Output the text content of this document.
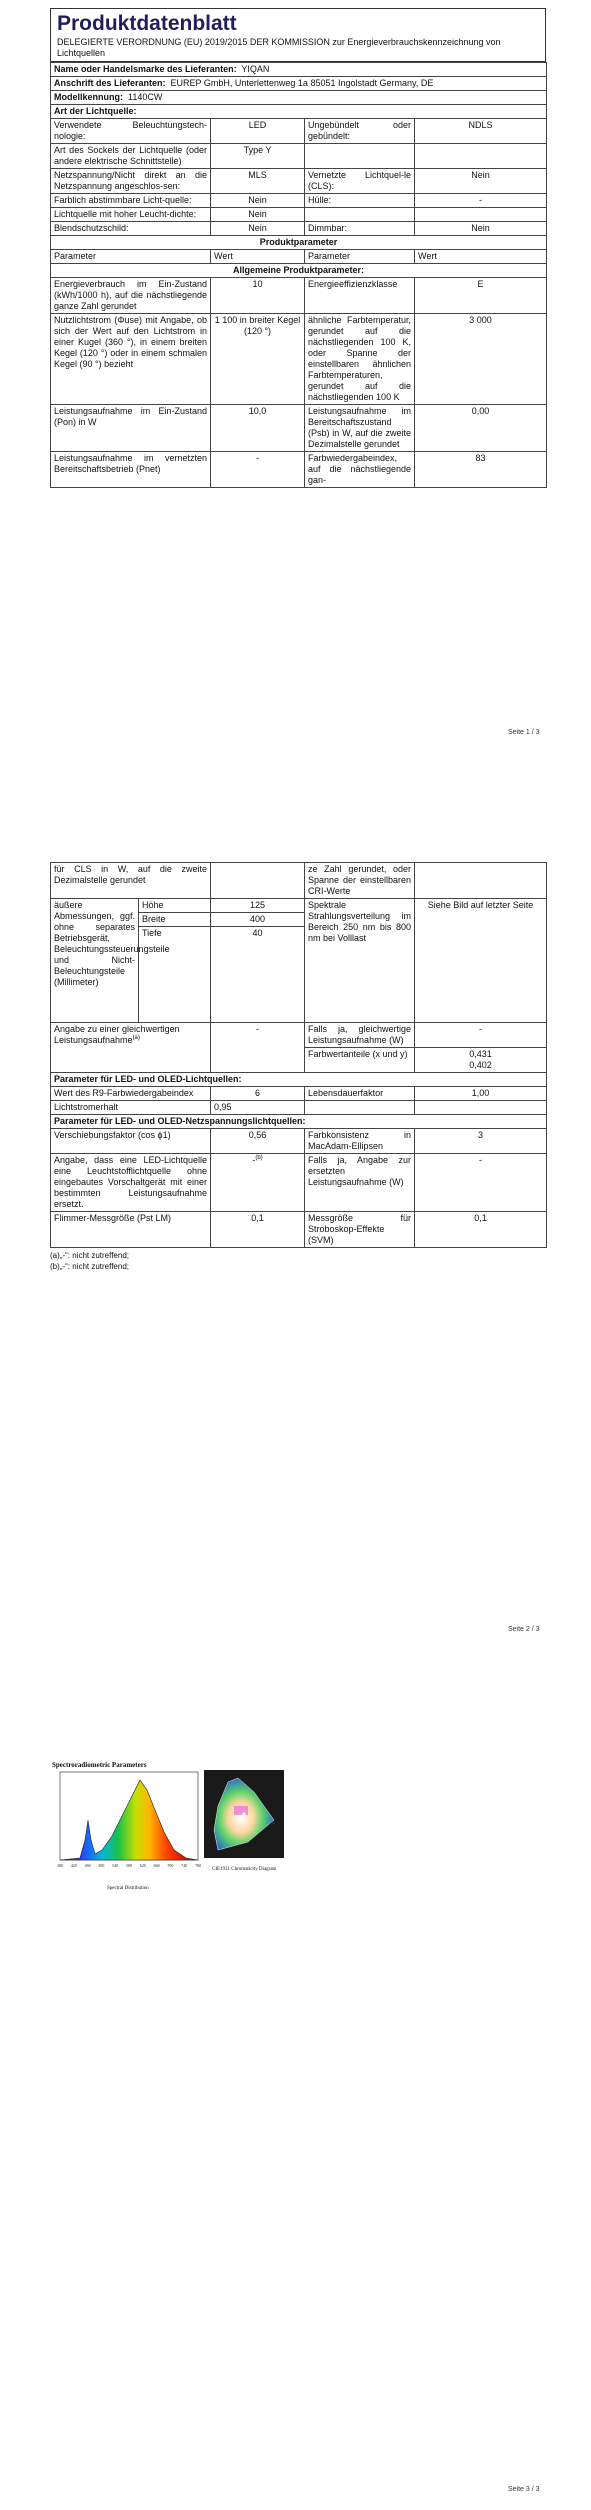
Produktdatenblatt
DELEGIERTE VERORDNUNG (EU) 2019/2015 DER KOMMISSION zur Energieverbrauchskennzeichnung von Lichtquellen
Name oder Handelsmarke des Lieferanten: YIQAN			
Anschrift des Lieferanten: EUREP GmbH, Unterlettenweg 1a 85051 Ingolstadt Germany, DE			
Modellkennung: 1140CW			
Art der Lichtquelle:			
Verwendete Beleuchtungstech-nologie:	LED	Ungebündelt oder gebündelt:	NDLS
Art des Sockels der Lichtquelle (oder andere elektrische Schnittstelle)	Type Y		
Netzspannung/Nicht direkt an die Netzspannung angeschlos-sen:	MLS	Vernetzte Lichtquel-le (CLS):	Nein
Farblich abstimmbare Licht-quelle:	Nein	Hülle:	-
Lichtquelle mit hoher Leucht-dichte:	Nein		
Blendschutzschild:	Nein	Dimmbar:	Nein
Produktparameter			
Parameter	Wert	Parameter	Wert
Allgemeine Produktparameter:			
Energieverbrauch im Ein-Zustand (kWh/1000 h), auf die nächstliegende ganze Zahl gerundet	10	Energieeffizienzklasse	E
Nutzlichtstrom (Φuse) mit Angabe, ob sich der Wert auf den Lichtstrom in einer Kugel (360 °), in einem breiten Kegel (120 °) oder in einem schmalen Kegel (90 °) bezieht	1 100 in breiter Kegel (120 °)	ähnliche Farbtemperatur, gerundet auf die nächstliegenden 100 K, oder Spanne der einstellbaren ähnlichen Farbtemperaturen, gerundet auf die nächstliegenden 100 K	3 000
Leistungsaufnahme im Ein-Zustand (Pon) in W	10,0	Leistungsaufnahme im Bereitschaftszustand (Psb) in W, auf die zweite Dezimalstelle gerundet	0,00
Leistungsaufnahme im vernetzten Bereitschaftsbetrieb (Pnet)	-	Farbwiedergabeindex, auf die nächstliegende gan-	83
Seite 1 / 3
für CLS in W, auf die zweite Dezimalstelle gerundet			ze Zahl gerundet, oder Spanne der einstellbaren CRI-Werte	
äußere Abmessungen, ggf. ohne separates Betriebsgerät, Beleuchtungssteuerungsteile und Nicht-Beleuchtungsteile (Millimeter)	Höhe	125	Spektrale Strahlungsverteilung im Bereich 250 nm bis 800 nm bei Volllast	Siehe Bild auf letzter Seite
	Breite	400		
	Tiefe	40		
Angabe zu einer gleichwertigen Leistungsaufnahme$^{(a)}$		-	Falls ja, gleichwertige Leistungsaufnahme (W)	-
			Farbwertanteile (x und y)	0,431
0,402

Parameter für LED- und OLED-Lichtquellen:				
Wert des R9-Farbwiedergabeindex		6	Lebensdauerfaktor	1,00
Lichtstromerhalt		0,95		
Parameter für LED- und OLED-Netzspannungslichtquellen:				
Verschiebungsfaktor (cos ϕ1)		0,56	Farbkonsistenz in MacAdam-Ellipsen	3
Angabe, dass eine LED-Lichtquelle eine Leuchtstofflichtquelle ohne eingebautes Vorschaltgerät mit einer bestimmten Leistungsaufnahme ersetzt.		-$^{(b)}$	Falls ja, Angabe zur ersetzten Leistungsaufnahme (W)	-
Flimmer-Messgröße (Pst LM)		0,1	Messgröße für Stroboskop-Effekte (SVM)	0,1
(a)„-“: nicht zutreffend;
(b)„-“: nicht zutreffend;
Seite 2 / 3
Spectroradiometric Parameters
380 420 460 500 540 580 620 660 700 740 780
Spectral Distribution
CIE1931 Chromaticity Diagram
Seite 3 / 3
